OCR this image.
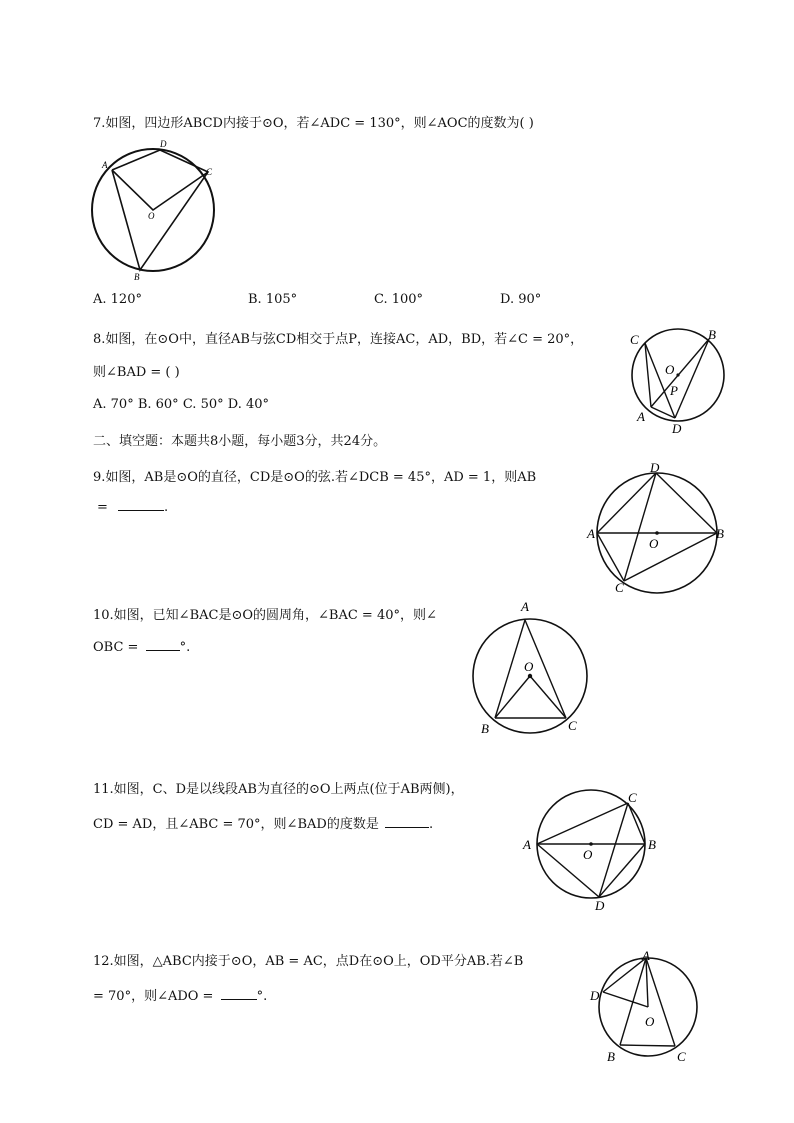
7.如图，四边形ABCD内接于⊙O，若∠ADC = 130°，则∠AOC的度数为( )
A
D
C
O
B
A. 120°	B. 105°	C. 100°	D. 90°
8.如图，在⊙O中，直径AB与弦CD相交于点P，连接AC，AD，BD，若∠C = 20°，
则∠BAD = ( )
A. 70° B. 60° C. 50° D. 40°
C	B
O
P
A
D
二、填空题：本题共8小题，每小题3分，共24分。
9.如图，AB是⊙O的直径，CD是⊙O的弦.若∠DCB = 45°，AD = 1，则AB
=	.
D
A	B
O
C
10.如图，已知∠BAC是⊙O的圆周角，∠BAC = 40°，则∠
OBC =	°.
A
O
B	C
11.如图，C、D是以线段AB为直径的⊙O上两点(位于AB两侧)，
CD = AD，且∠ABC = 70°，则∠BAD的度数是	.
C
A	B
O
D
12.如图，△ABC内接于⊙O，AB = AC，点D在⊙O上，OD平分AB.若∠B
= 70°，则∠ADO =	°.
A
D
O
B	C
